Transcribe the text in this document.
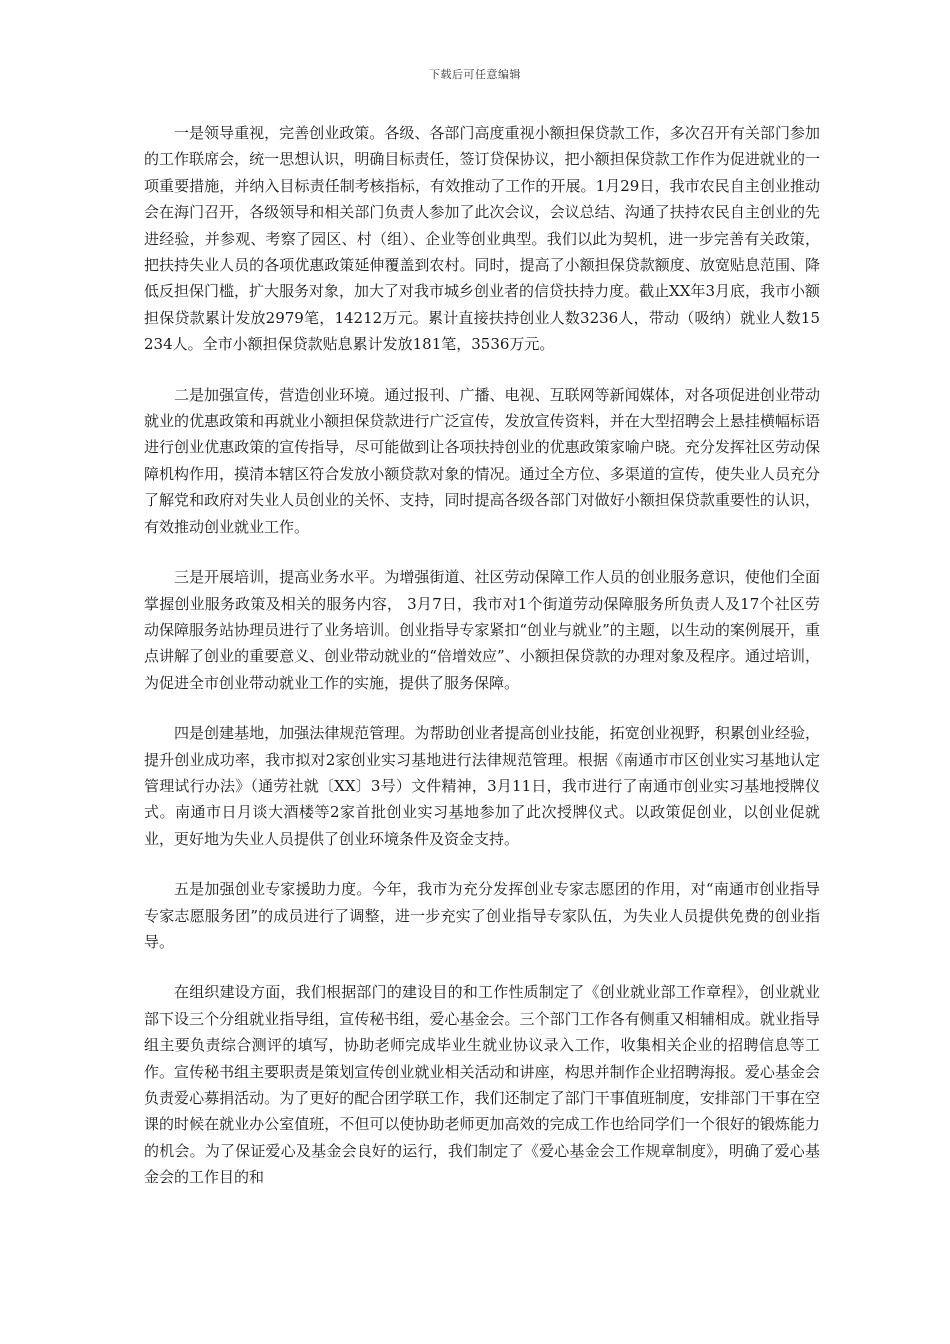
下载后可任意编辑

一是领导重视，完善创业政策。各级、各部门高度重视小额担保贷款工作，多次召开有关部门参加的工作联席会，统一思想认识，明确目标责任，签订贷保协议，把小额担保贷款工作作为促进就业的一项重要措施，并纳入目标责任制考核指标，有效推动了工作的开展。1月29日，我市农民自主创业推动会在海门召开，各级领导和相关部门负责人参加了此次会议，会议总结、沟通了扶持农民自主创业的先进经验，并参观、考察了园区、村（组）、企业等创业典型。我们以此为契机，进一步完善有关政策，把扶持失业人员的各项优惠政策延伸覆盖到农村。同时，提高了小额担保贷款额度、放宽贴息范围、降低反担保门槛，扩大服务对象，加大了对我市城乡创业者的信贷扶持力度。截止XX年3月底，我市小额担保贷款累计发放2979笔，14212万元。累计直接扶持创业人数3236人，带动（吸纳）就业人数15234人。全市小额担保贷款贴息累计发放181笔，3536万元。

二是加强宣传，营造创业环境。通过报刊、广播、电视、互联网等新闻媒体，对各项促进创业带动就业的优惠政策和再就业小额担保贷款进行广泛宣传，发放宣传资料，并在大型招聘会上悬挂横幅标语进行创业优惠政策的宣传指导，尽可能做到让各项扶持创业的优惠政策家喻户晓。充分发挥社区劳动保障机构作用，摸清本辖区符合发放小额贷款对象的情况。通过全方位、多渠道的宣传，使失业人员充分了解党和政府对失业人员创业的关怀、支持，同时提高各级各部门对做好小额担保贷款重要性的认识，有效推动创业就业工作。

三是开展培训，提高业务水平。为增强街道、社区劳动保障工作人员的创业服务意识，使他们全面掌握创业服务政策及相关的服务内容， 3月7日，我市对1个街道劳动保障服务所负责人及17个社区劳动保障服务站协理员进行了业务培训。创业指导专家紧扣“创业与就业”的主题，以生动的案例展开，重点讲解了创业的重要意义、创业带动就业的“倍增效应”、小额担保贷款的办理对象及程序。通过培训，为促进全市创业带动就业工作的实施，提供了服务保障。

四是创建基地，加强法律规范管理。为帮助创业者提高创业技能，拓宽创业视野，积累创业经验，提升创业成功率，我市拟对2家创业实习基地进行法律规范管理。根据《南通市市区创业实习基地认定管理试行办法》（通劳社就〔XX〕3号）文件精神，3月11日，我市进行了南通市创业实习基地授牌仪式。南通市日月谈大酒楼等2家首批创业实习基地参加了此次授牌仪式。以政策促创业，以创业促就业，更好地为失业人员提供了创业环境条件及资金支持。

五是加强创业专家援助力度。今年，我市为充分发挥创业专家志愿团的作用，对“南通市创业指导专家志愿服务团”的成员进行了调整，进一步充实了创业指导专家队伍，为失业人员提供免费的创业指导。

在组织建设方面，我们根据部门的建设目的和工作性质制定了《创业就业部工作章程》，创业就业部下设三个分组就业指导组，宣传秘书组，爱心基金会。三个部门工作各有侧重又相辅相成。就业指导组主要负责综合测评的填写，协助老师完成毕业生就业协议录入工作，收集相关企业的招聘信息等工作。宣传秘书组主要职责是策划宣传创业就业相关活动和讲座，构思并制作企业招聘海报。爱心基金会负责爱心募捐活动。为了更好的配合团学联工作，我们还制定了部门干事值班制度，安排部门干事在空课的时候在就业办公室值班，不但可以使协助老师更加高效的完成工作也给同学们一个很好的锻炼能力的机会。为了保证爱心及基金会良好的运行，我们制定了《爱心基金会工作规章制度》，明确了爱心基金会的工作目的和
